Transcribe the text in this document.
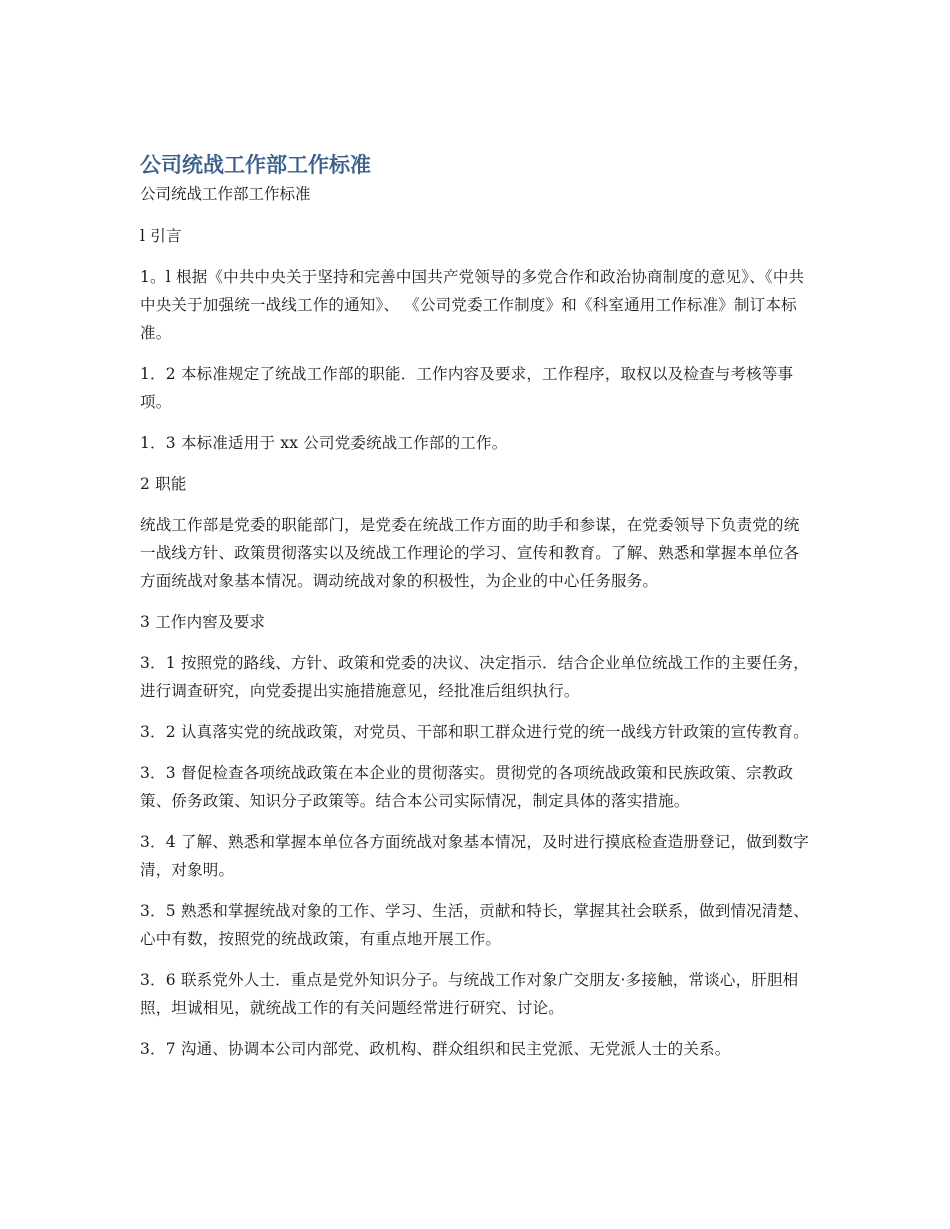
公司统战工作部工作标准

公司统战工作部工作标准

l 引言

1。l 根据《中共中央关于坚持和完善中国共产党领导的多党合作和政治协商制度的意见》、《中共中央关于加强统一战线工作的通知》、 《公司党委工作制度》和《科室通用工作标准》制订本标准。

1．2 本标准规定了统战工作部的职能．工作内容及要求，工作程序，取权以及检查与考核等事项。

1．3 本标准适用于 xx 公司党委统战工作部的工作。

2 职能

统战工作部是党委的职能部门，是党委在统战工作方面的助手和参谋，在党委领导下负责党的统一战线方针、政策贯彻落实以及统战工作理论的学习、宣传和教育。了解、熟悉和掌握本单位各方面统战对象基本情况。调动统战对象的积极性，为企业的中心任务服务。

3 工作内窖及要求

3．1 按照党的路线、方针、政策和党委的决议、决定指示．结合企业单位统战工作的主要任务，进行调查研究，向党委提出实施措施意见，经批准后组织执行。

3．2 认真落实党的统战政策，对党员、干部和职工群众进行党的统一战线方针政策的宣传教育。

3．3 督促检查各项统战政策在本企业的贯彻落实。贯彻党的各项统战政策和民族政策、宗教政策、侨务政策、知识分子政策等。结合本公司实际情况，制定具体的落实措施。

3．4 了解、熟悉和掌握本单位各方面统战对象基本情况，及时进行摸底检查造册登记，做到数字清，对象明。

3．5 熟悉和掌握统战对象的工作、学习、生活，贡献和特长，掌握其社会联系，做到情况清楚、心中有数，按照党的统战政策，有重点地开展工作。

3．6 联系党外人士．重点是党外知识分子。与统战工作对象广交朋友·多接触，常谈心，肝胆相照，坦诚相见，就统战工作的有关问题经常进行研究、讨论。

3．7 沟通、协调本公司内部党、政机构、群众组织和民主党派、无党派人士的关系。
